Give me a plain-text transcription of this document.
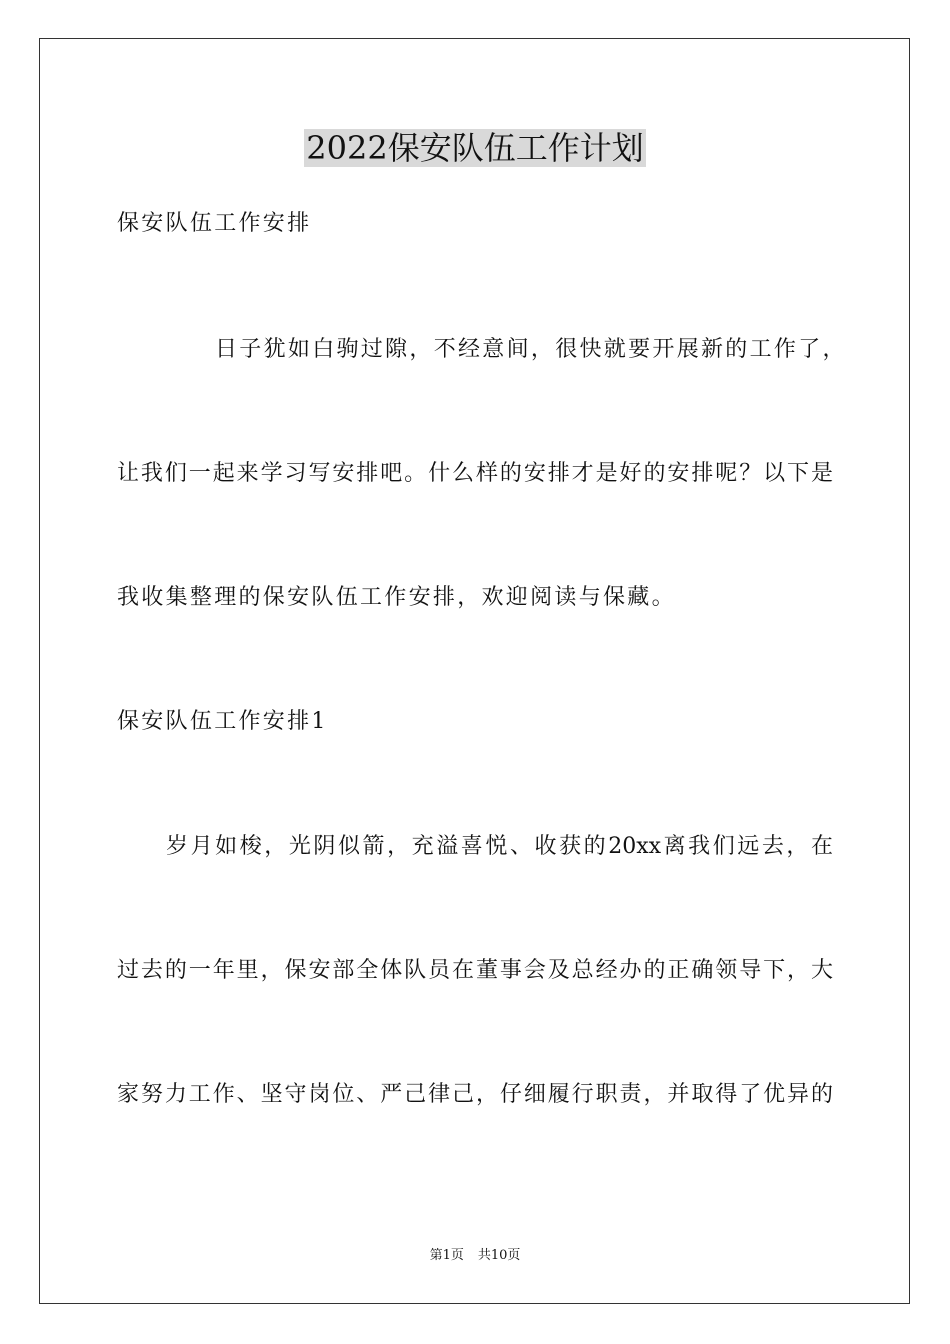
2022保安队伍工作计划
保安队伍工作安排
日子犹如白驹过隙，不经意间，很快就要开展新的工作了，
让我们一起来学习写安排吧。什么样的安排才是好的安排呢？以下是
我收集整理的保安队伍工作安排，欢迎阅读与保藏。
保安队伍工作安排1
岁月如梭，光阴似箭，充溢喜悦、收获的20xx离我们远去，在
过去的一年里，保安部全体队员在董事会及总经办的正确领导下，大
家努力工作、坚守岗位、严己律己，仔细履行职责，并取得了优异的
第1页 共10页
